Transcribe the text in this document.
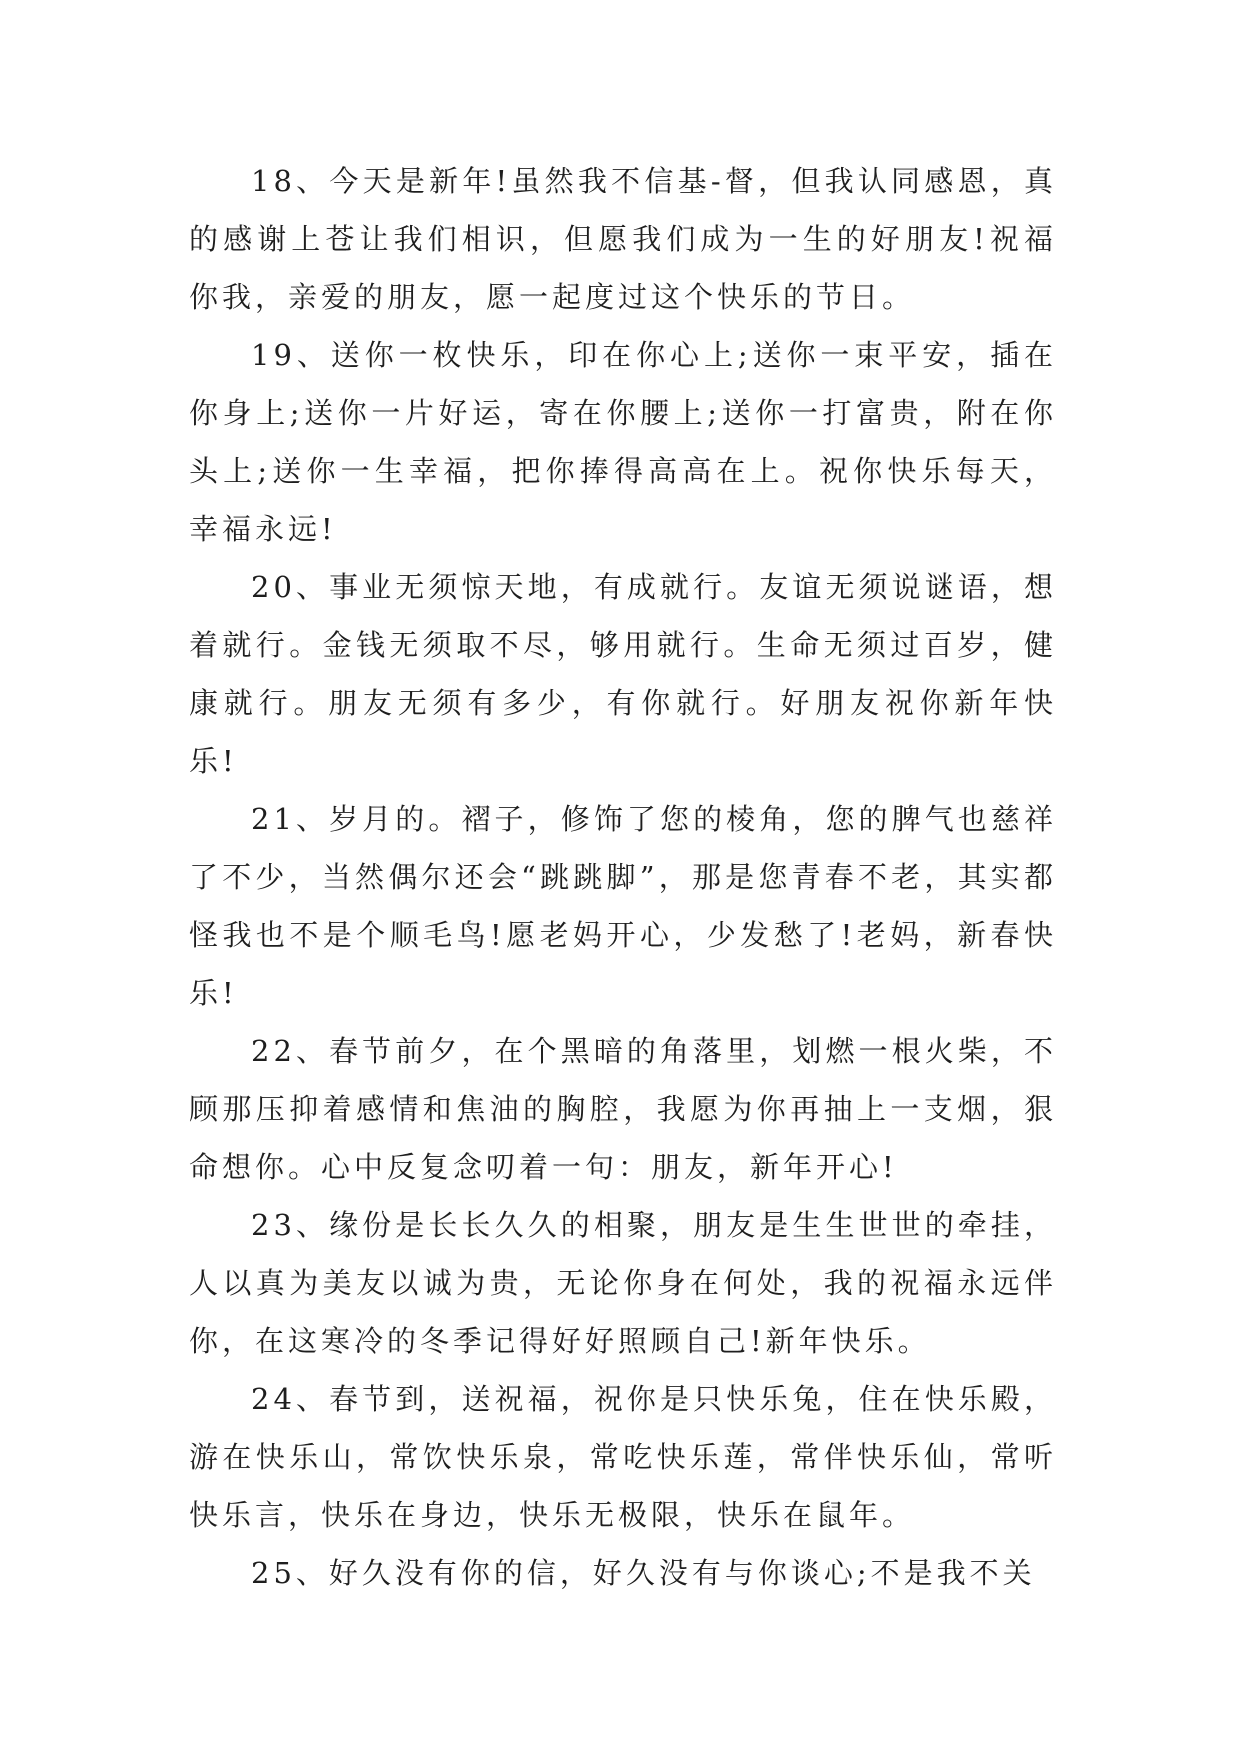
18、今天是新年!虽然我不信基-督，但我认同感恩，真的感谢上苍让我们相识，但愿我们成为一生的好朋友!祝福你我，亲爱的朋友，愿一起度过这个快乐的节日。

19、送你一枚快乐，印在你心上;送你一束平安，插在你身上;送你一片好运，寄在你腰上;送你一打富贵，附在你头上;送你一生幸福，把你捧得高高在上。祝你快乐每天，幸福永远!

20、事业无须惊天地，有成就行。友谊无须说谜语，想着就行。金钱无须取不尽，够用就行。生命无须过百岁，健康就行。朋友无须有多少，有你就行。好朋友祝你新年快乐!

21、岁月的。褶子，修饰了您的棱角，您的脾气也慈祥了不少，当然偶尔还会“跳跳脚”，那是您青春不老，其实都怪我也不是个顺毛鸟!愿老妈开心，少发愁了!老妈，新春快乐!

22、春节前夕，在个黑暗的角落里，划燃一根火柴，不顾那压抑着感情和焦油的胸腔，我愿为你再抽上一支烟，狠命想你。心中反复念叨着一句：朋友，新年开心!

23、缘份是长长久久的相聚，朋友是生生世世的牵挂，人以真为美友以诚为贵，无论你身在何处，我的祝福永远伴你，在这寒冷的冬季记得好好照顾自己!新年快乐。

24、春节到，送祝福，祝你是只快乐兔，住在快乐殿，游在快乐山，常饮快乐泉，常吃快乐莲，常伴快乐仙，常听快乐言，快乐在身边，快乐无极限，快乐在鼠年。

25、好久没有你的信，好久没有与你谈心;不是我不关
